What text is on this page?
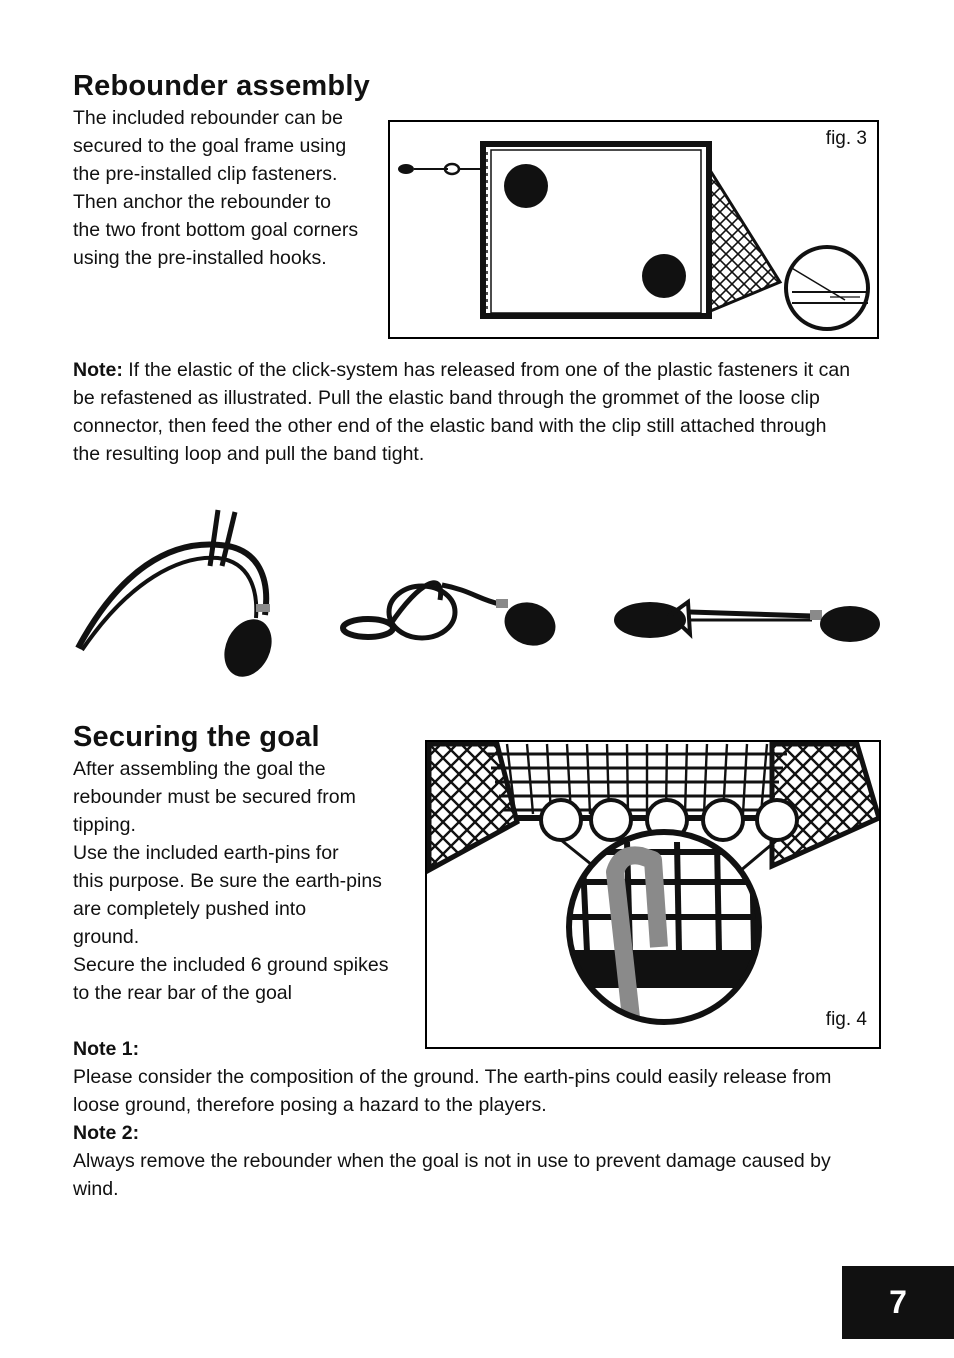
Rebounder assembly
The included rebounder can be
secured to the goal frame using
the pre-installed clip fasteners.
Then anchor the rebounder to
the two front bottom goal corners
using the pre-installed hooks.
fig. 3
Note: If the elastic of the click-system has released from one of the plastic fasteners it can
be refastened as illustrated. Pull the elastic band through the grommet of the loose clip
connector, then feed the other end of the elastic band with the clip still attached through
the resulting loop and pull the band tight.
Securing the goal
After assembling the goal the
rebounder must be secured from
tipping.
Use the included earth-pins for
this purpose. Be sure the earth-pins
are completely pushed into
ground.
Secure the included 6 ground spikes
to the rear bar of the goal
fig. 4
Note 1:
Please consider the composition of the ground. The earth-pins could easily release from
loose ground, therefore posing a hazard to the players.
Note 2:
Always remove the rebounder when the goal is not in use to prevent damage caused by
wind.
7
